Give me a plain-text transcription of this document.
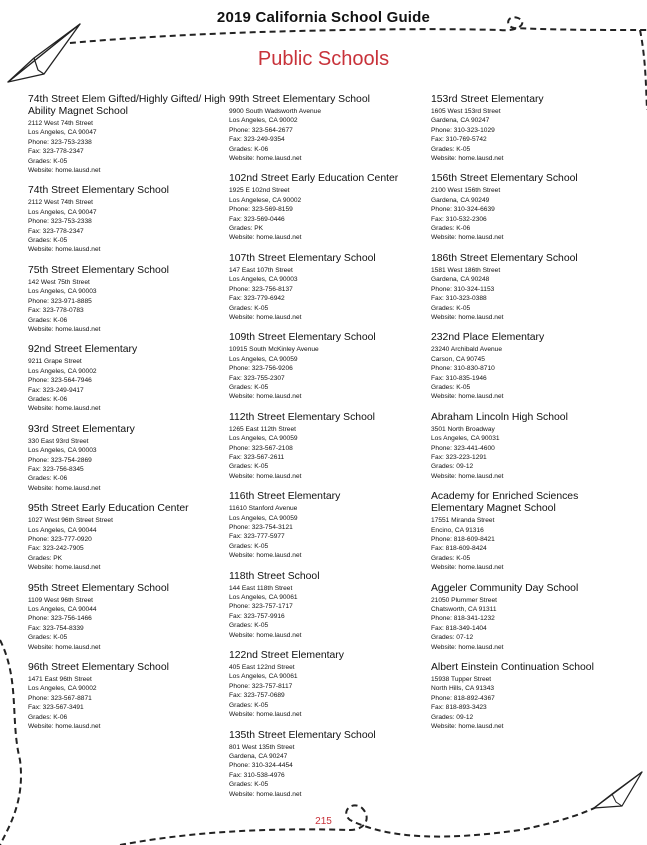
2019 California School Guide
Public Schools
74th Street Elem Gifted/Highly Gifted/ High Ability Magnet School
2112 West 74th Street
Los Angeles, CA 90047
Phone: 323-753-2338
Fax: 323-778-2347
Grades: K-05
Website: home.lausd.net
74th Street Elementary School
2112 West 74th Street
Los Angeles, CA 90047
Phone: 323-753-2338
Fax: 323-778-2347
Grades: K-05
Website: home.lausd.net
75th Street Elementary School
142 West 75th Street
Los Angeles, CA 90003
Phone: 323-971-8885
Fax: 323-778-0783
Grades: K-06
Website: home.lausd.net
92nd Street Elementary
9211 Grape Street
Los Angeles, CA 90002
Phone: 323-564-7946
Fax: 323-249-9417
Grades: K-06
Website: home.lausd.net
93rd Street Elementary
330 East 93rd Street
Los Angeles, CA 90003
Phone: 323-754-2869
Fax: 323-756-8345
Grades: K-06
Website: home.lausd.net
95th Street Early Education Center
1027 West 96th Street Street
Los Angeles, CA 90044
Phone: 323-777-0920
Fax: 323-242-7905
Grades: PK
Website: home.lausd.net
95th Street Elementary School
1109 West 96th Street
Los Angeles, CA 90044
Phone: 323-756-1466
Fax: 323-754-8339
Grades: K-05
Website: home.lausd.net
96th Street Elementary School
1471 East 96th Street
Los Angeles, CA 90002
Phone: 323-567-8871
Fax: 323-567-3491
Grades: K-06
Website: home.lausd.net
99th Street Elementary School
9900 South Wadsworth Avenue
Los Angeles, CA 90002
Phone: 323-564-2677
Fax: 323-249-9354
Grades: K-06
Website: home.lausd.net
102nd Street Early Education Center
1925 E 102nd Street
Los Angelese, CA 90002
Phone: 323-569-8159
Fax: 323-569-0446
Grades: PK
Website: home.lausd.net
107th Street Elementary School
147 East 107th Street
Los Angeles, CA 90003
Phone: 323-756-8137
Fax: 323-779-6942
Grades: K-05
Website: home.lausd.net
109th Street Elementary School
10915 South McKinley Avenue
Los Angeles, CA 90059
Phone: 323-756-9206
Fax: 323-755-2307
Grades: K-05
Website: home.lausd.net
112th Street Elementary School
1265 East 112th Street
Los Angeles, CA 90059
Phone: 323-567-2108
Fax: 323-567-2611
Grades: K-05
Website: home.lausd.net
116th Street Elementary
11610 Stanford Avenue
Los Angeles, CA 90059
Phone: 323-754-3121
Fax: 323-777-5977
Grades: K-05
Website: home.lausd.net
118th Street School
144 East 118th Street
Los Angeles, CA 90061
Phone: 323-757-1717
Fax: 323-757-9916
Grades: K-05
Website: home.lausd.net
122nd Street Elementary
405 East 122nd Street
Los Angeles, CA 90061
Phone: 323-757-8117
Fax: 323-757-0689
Grades: K-05
Website: home.lausd.net
135th Street Elementary School
801 West 135th Street
Gardena, CA 90247
Phone: 310-324-4454
Fax: 310-538-4976
Grades: K-05
Website: home.lausd.net
153rd Street Elementary
1605 West 153rd Street
Gardena, CA 90247
Phone: 310-323-1029
Fax: 310-769-5742
Grades: K-05
Website: home.lausd.net
156th Street Elementary School
2100 West 156th Street
Gardena, CA 90249
Phone: 310-324-6639
Fax: 310-532-2306
Grades: K-06
Website: home.lausd.net
186th Street Elementary School
1581 West 186th Street
Gardena, CA 90248
Phone: 310-324-1153
Fax: 310-323-0388
Grades: K-05
Website: home.lausd.net
232nd Place Elementary
23240 Archibald Avenue
Carson, CA 90745
Phone: 310-830-8710
Fax: 310-835-1946
Grades: K-05
Website: home.lausd.net
Abraham Lincoln High School
3501 North Broadway
Los Angeles, CA 90031
Phone: 323-441-4600
Fax: 323-223-1291
Grades: 09-12
Website: home.lausd.net
Academy for Enriched Sciences Elementary Magnet School
17551 Miranda Street
Encino, CA 91316
Phone: 818-609-8421
Fax: 818-609-8424
Grades: K-05
Website: home.lausd.net
Aggeler Community Day School
21050 Plummer Street
Chatsworth, CA 91311
Phone: 818-341-1232
Fax: 818-349-1404
Grades: 07-12
Website: home.lausd.net
Albert Einstein Continuation School
15938 Tupper Street
North Hills, CA 91343
Phone: 818-892-4367
Fax: 818-893-3423
Grades: 09-12
Website: home.lausd.net
215
